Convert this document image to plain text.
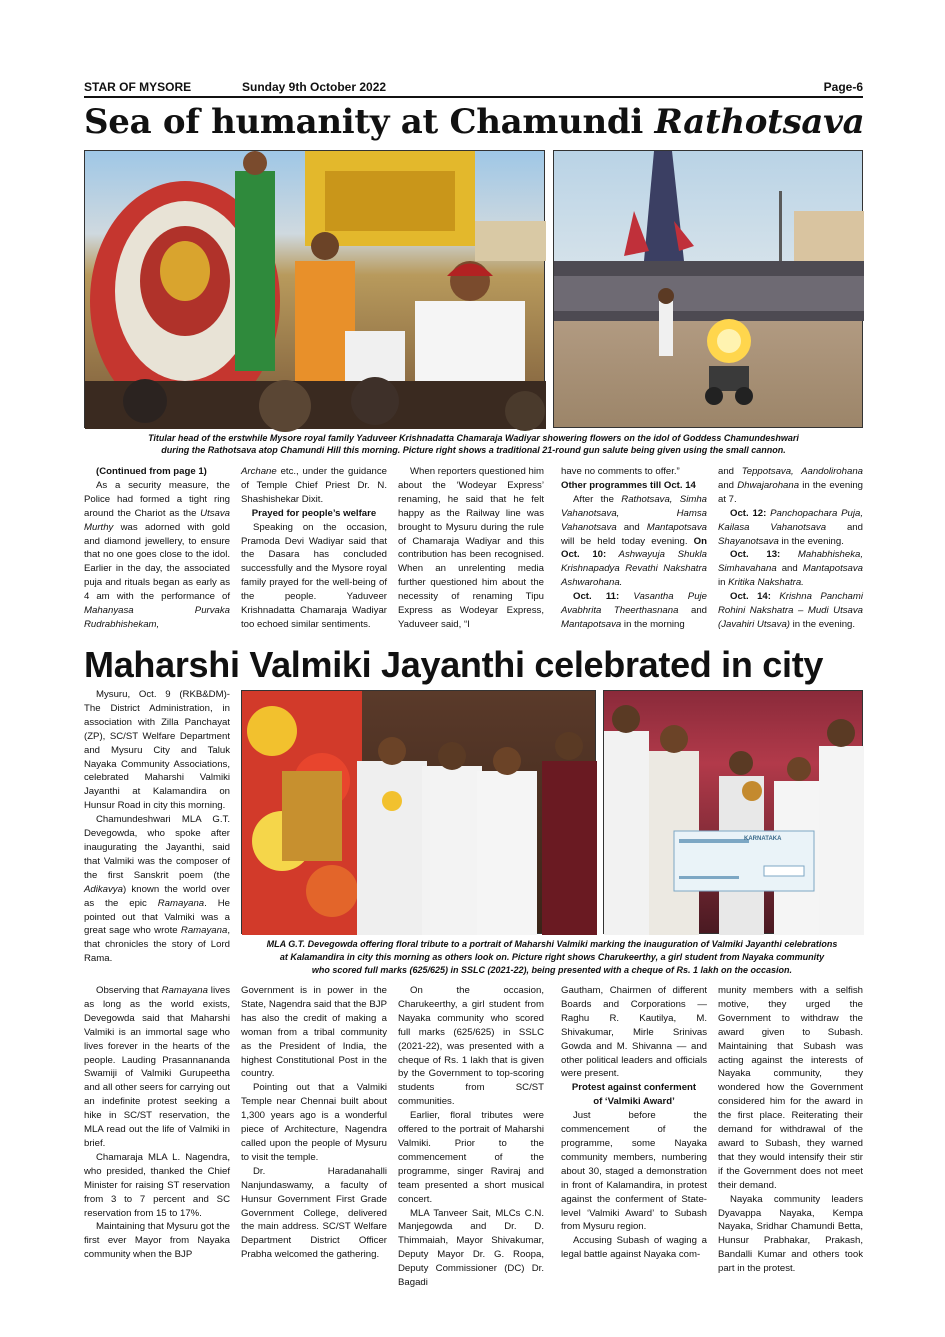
STAR OF MYSORE	Sunday 9th October 2022	Page-6
Sea of humanity at Chamundi Rathotsava
Titular head of the erstwhile Mysore royal family Yaduveer Krishnadatta Chamaraja Wadiyar showering flowers on the idol of Goddess Chamundeshwari
during the Rathotsava atop Chamundi Hill this morning. Picture right shows a traditional 21-round gun salute being given using the small cannon.

(Continued from page 1)

As a security measure, the Police had formed a tight ring around the Chariot as the Utsava Murthy was adorned with gold and diamond jewellery, to ensure that no one goes close to the idol. Earlier in the day, the associated puja and rituals began as early as 4 am with the performance of Mahanyasa Purvaka Rudrabhishekam,

Archane etc., under the guidance of Temple Chief Priest Dr. N. Shashishekar Dixit.

Prayed for people’s welfare

Speaking on the occasion, Pramoda Devi Wadiyar said that the Dasara has concluded successfully and the Mysore royal family prayed for the well-being of the people. Yaduveer Krishnadatta Chamaraja Wadiyar too echoed similar sentiments.

When reporters questioned him about the ‘Wodeyar Express’ renaming, he said that he felt happy as the Railway line was brought to Mysuru during the rule of Chamaraja Wadiyar and this contribution has been recognised. When an unrelenting media further questioned him about the necessity of renaming Tipu Express as Wodeyar Express, Yaduveer said, “I

have no comments to offer.”

Other programmes till Oct. 14

After the Rathotsava, Simha Vahanotsava, Hamsa Vahanotsava and Mantapotsava will be held today evening. On Oct. 10: Ashwayuja Shukla Krishnapadya Revathi Nakshatra Ashwarohana.

Oct. 11: Vasantha Puje Avabhrita Theerthasnana and Mantapotsava in the morning

and Teppotsava, Aandolirohana and Dhwajarohana in the evening at 7.

Oct. 12: Panchopachara Puja, Kailasa Vahanotsava and Shayanotsava in the evening.

Oct. 13: Mahabhisheka, Simhavahana and Mantapotsava in Kritika Nakshatra.

Oct. 14: Krishna Panchami Rohini Nakshatra – Mudi Utsava (Javahiri Utsava) in the evening.

Maharshi Valmiki Jayanthi celebrated in city

Mysuru, Oct. 9 (RKB&DM)- The District Administration, in association with Zilla Panchayat (ZP), SC/ST Welfare Department and Mysuru City and Taluk Nayaka Community Associations, celebrated Maharshi Valmiki Jayanthi at Kalamandira on Hunsur Road in city this morning.

Chamundeshwari MLA G.T. Devegowda, who spoke after inaugurating the Jayanthi, said that Valmiki was the composer of the first Sanskrit poem (the Adikavya) known the world over as the epic Ramayana. He pointed out that Valmiki was a great sage who wrote Ramayana, that chronicles the story of Lord Rama.

KARNATAKA
MLA G.T. Devegowda offering floral tribute to a portrait of Maharshi Valmiki marking the inauguration of Valmiki Jayanthi celebrations
at Kalamandira in city this morning as others look on. Picture right shows Charukeerthy, a girl student from Nayaka community
who scored full marks (625/625) in SSLC (2021-22), being presented with a cheque of Rs. 1 lakh on the occasion.

Observing that Ramayana lives as long as the world exists, Devegowda said that Maharshi Valmiki is an immortal sage who lives forever in the hearts of the people. Lauding Prasannananda Swamiji of Valmiki Gurupeetha and all other seers for carrying out an indefinite protest seeking a hike in SC/ST reservation, the MLA read out the life of Valmiki in brief.

Chamaraja MLA L. Nagendra, who presided, thanked the Chief Minister for raising ST reservation from 3 to 7 percent and SC reservation from 15 to 17%.

Maintaining that Mysuru got the first ever Mayor from Nayaka community when the BJP

Government is in power in the State, Nagendra said that the BJP has also the credit of making a woman from a tribal community as the President of India, the highest Constitutional Post in the country.

Pointing out that a Valmiki Temple near Chennai built about 1,300 years ago is a wonderful piece of Architecture, Nagendra called upon the people of Mysuru to visit the temple.

Dr. Haradanahalli Nanjundaswamy, a faculty of Hunsur Government First Grade Government College, delivered the main address. SC/ST Welfare Department District Officer Prabha welcomed the gathering.

On the occasion, Charukeerthy, a girl student from Nayaka community who scored full marks (625/625) in SSLC (2021-22), was presented with a cheque of Rs. 1 lakh that is given by the Government to top-scoring students from SC/ST communities.

Earlier, floral tributes were offered to the portrait of Maharshi Valmiki. Prior to the commencement of the programme, singer Raviraj and team presented a short musical concert.

MLA Tanveer Sait, MLCs C.N. Manjegowda and Dr. D. Thimmaiah, Mayor Shivakumar, Deputy Mayor Dr. G. Roopa, Deputy Commissioner (DC) Dr. Bagadi

Gautham, Chairmen of different Boards and Corporations — Raghu R. Kautilya, M. Shivakumar, Mirle Srinivas Gowda and M. Shivanna — and other political leaders and officials were present.

Protest against conferment

of ‘Valmiki Award’

Just before the commencement of the programme, some Nayaka community members, numbering about 30, staged a demonstration in front of Kalamandira, in protest against the conferment of State-level ‘Valmiki Award’ to Subash from Mysuru region.

Accusing Subash of waging a legal battle against Nayaka com-

munity members with a selfish motive, they urged the Government to withdraw the award given to Subash. Maintaining that Subash was acting against the interests of Nayaka community, they wondered how the Government considered him for the award in the first place. Reiterating their demand for withdrawal of the award to Subash, they warned that they would intensify their stir if the Government does not meet their demand.

Nayaka community leaders Dyavappa Nayaka, Kempa Nayaka, Sridhar Chamundi Betta, Hunsur Prabhakar, Prakash, Bandalli Kumar and others took part in the protest.
